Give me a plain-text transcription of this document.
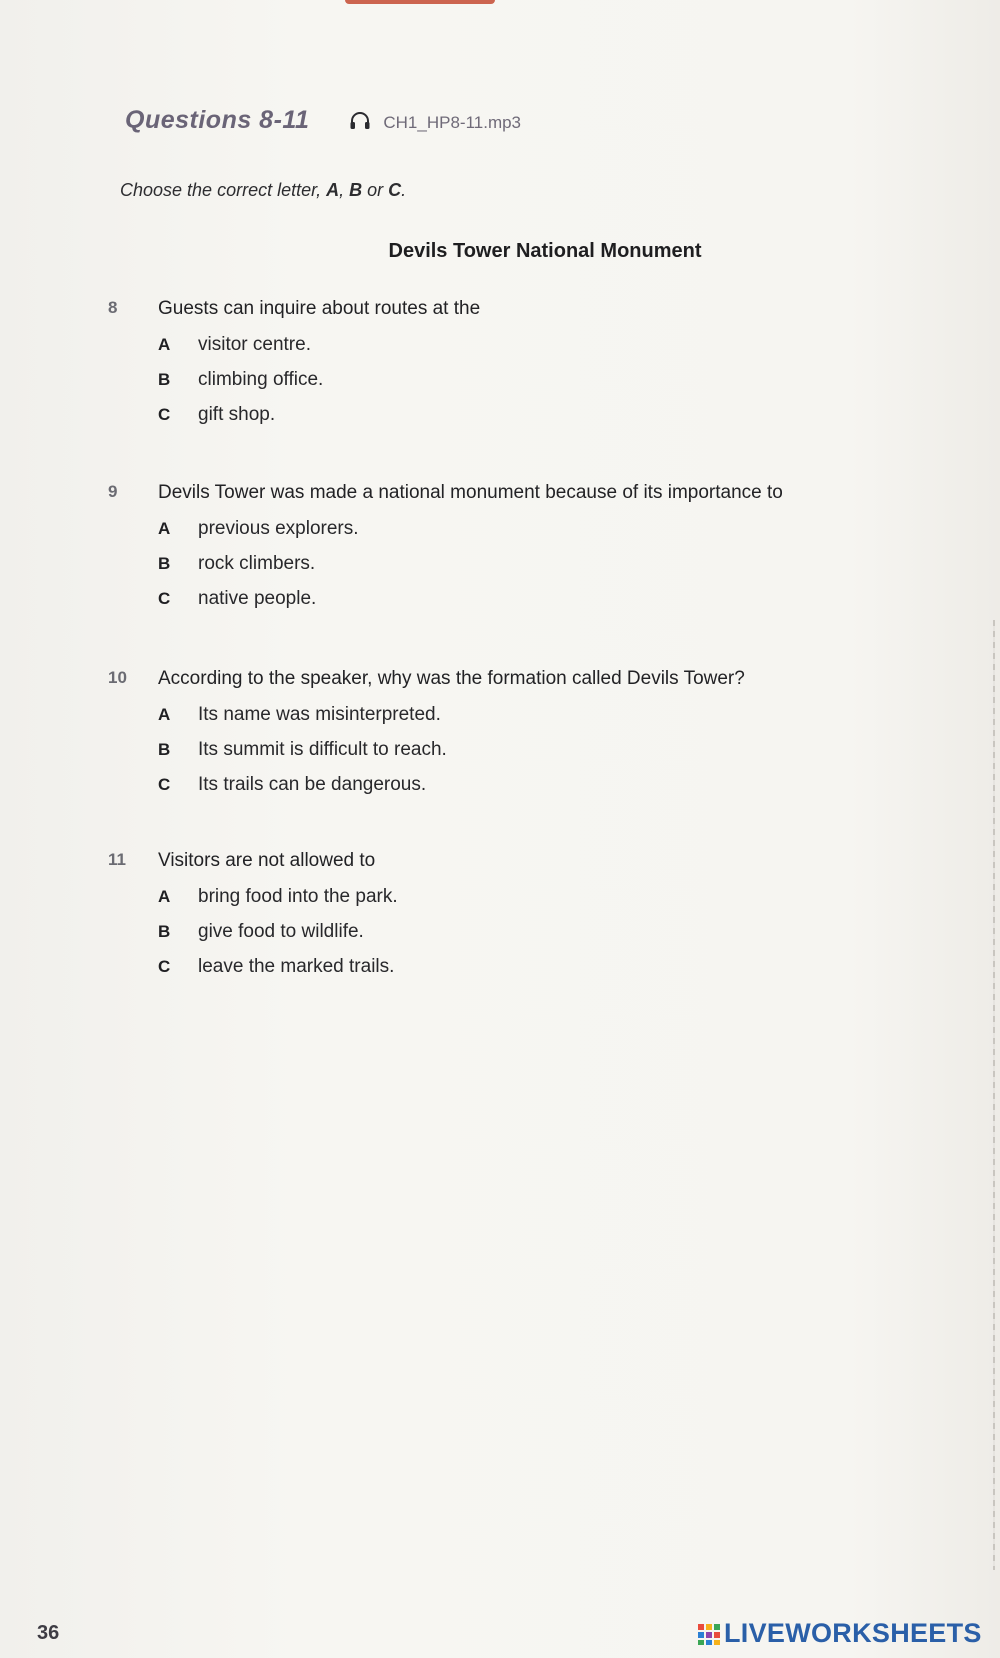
Questions 8-11	CH1_HP8-11.mp3
Choose the correct letter, A, B or C.
Devils Tower National Monument
8	Guests can inquire about routes at the
A	visitor centre.
B	climbing office.
C	gift shop.
9	Devils Tower was made a national monument because of its importance to
A	previous explorers.
B	rock climbers.
C	native people.
10	According to the speaker, why was the formation called Devils Tower?
A	Its name was misinterpreted.
B	Its summit is difficult to reach.
C	Its trails can be dangerous.
11	Visitors are not allowed to
A	bring food into the park.
B	give food to wildlife.
C	leave the marked trails.
36	LIVEWORKSHEETS
